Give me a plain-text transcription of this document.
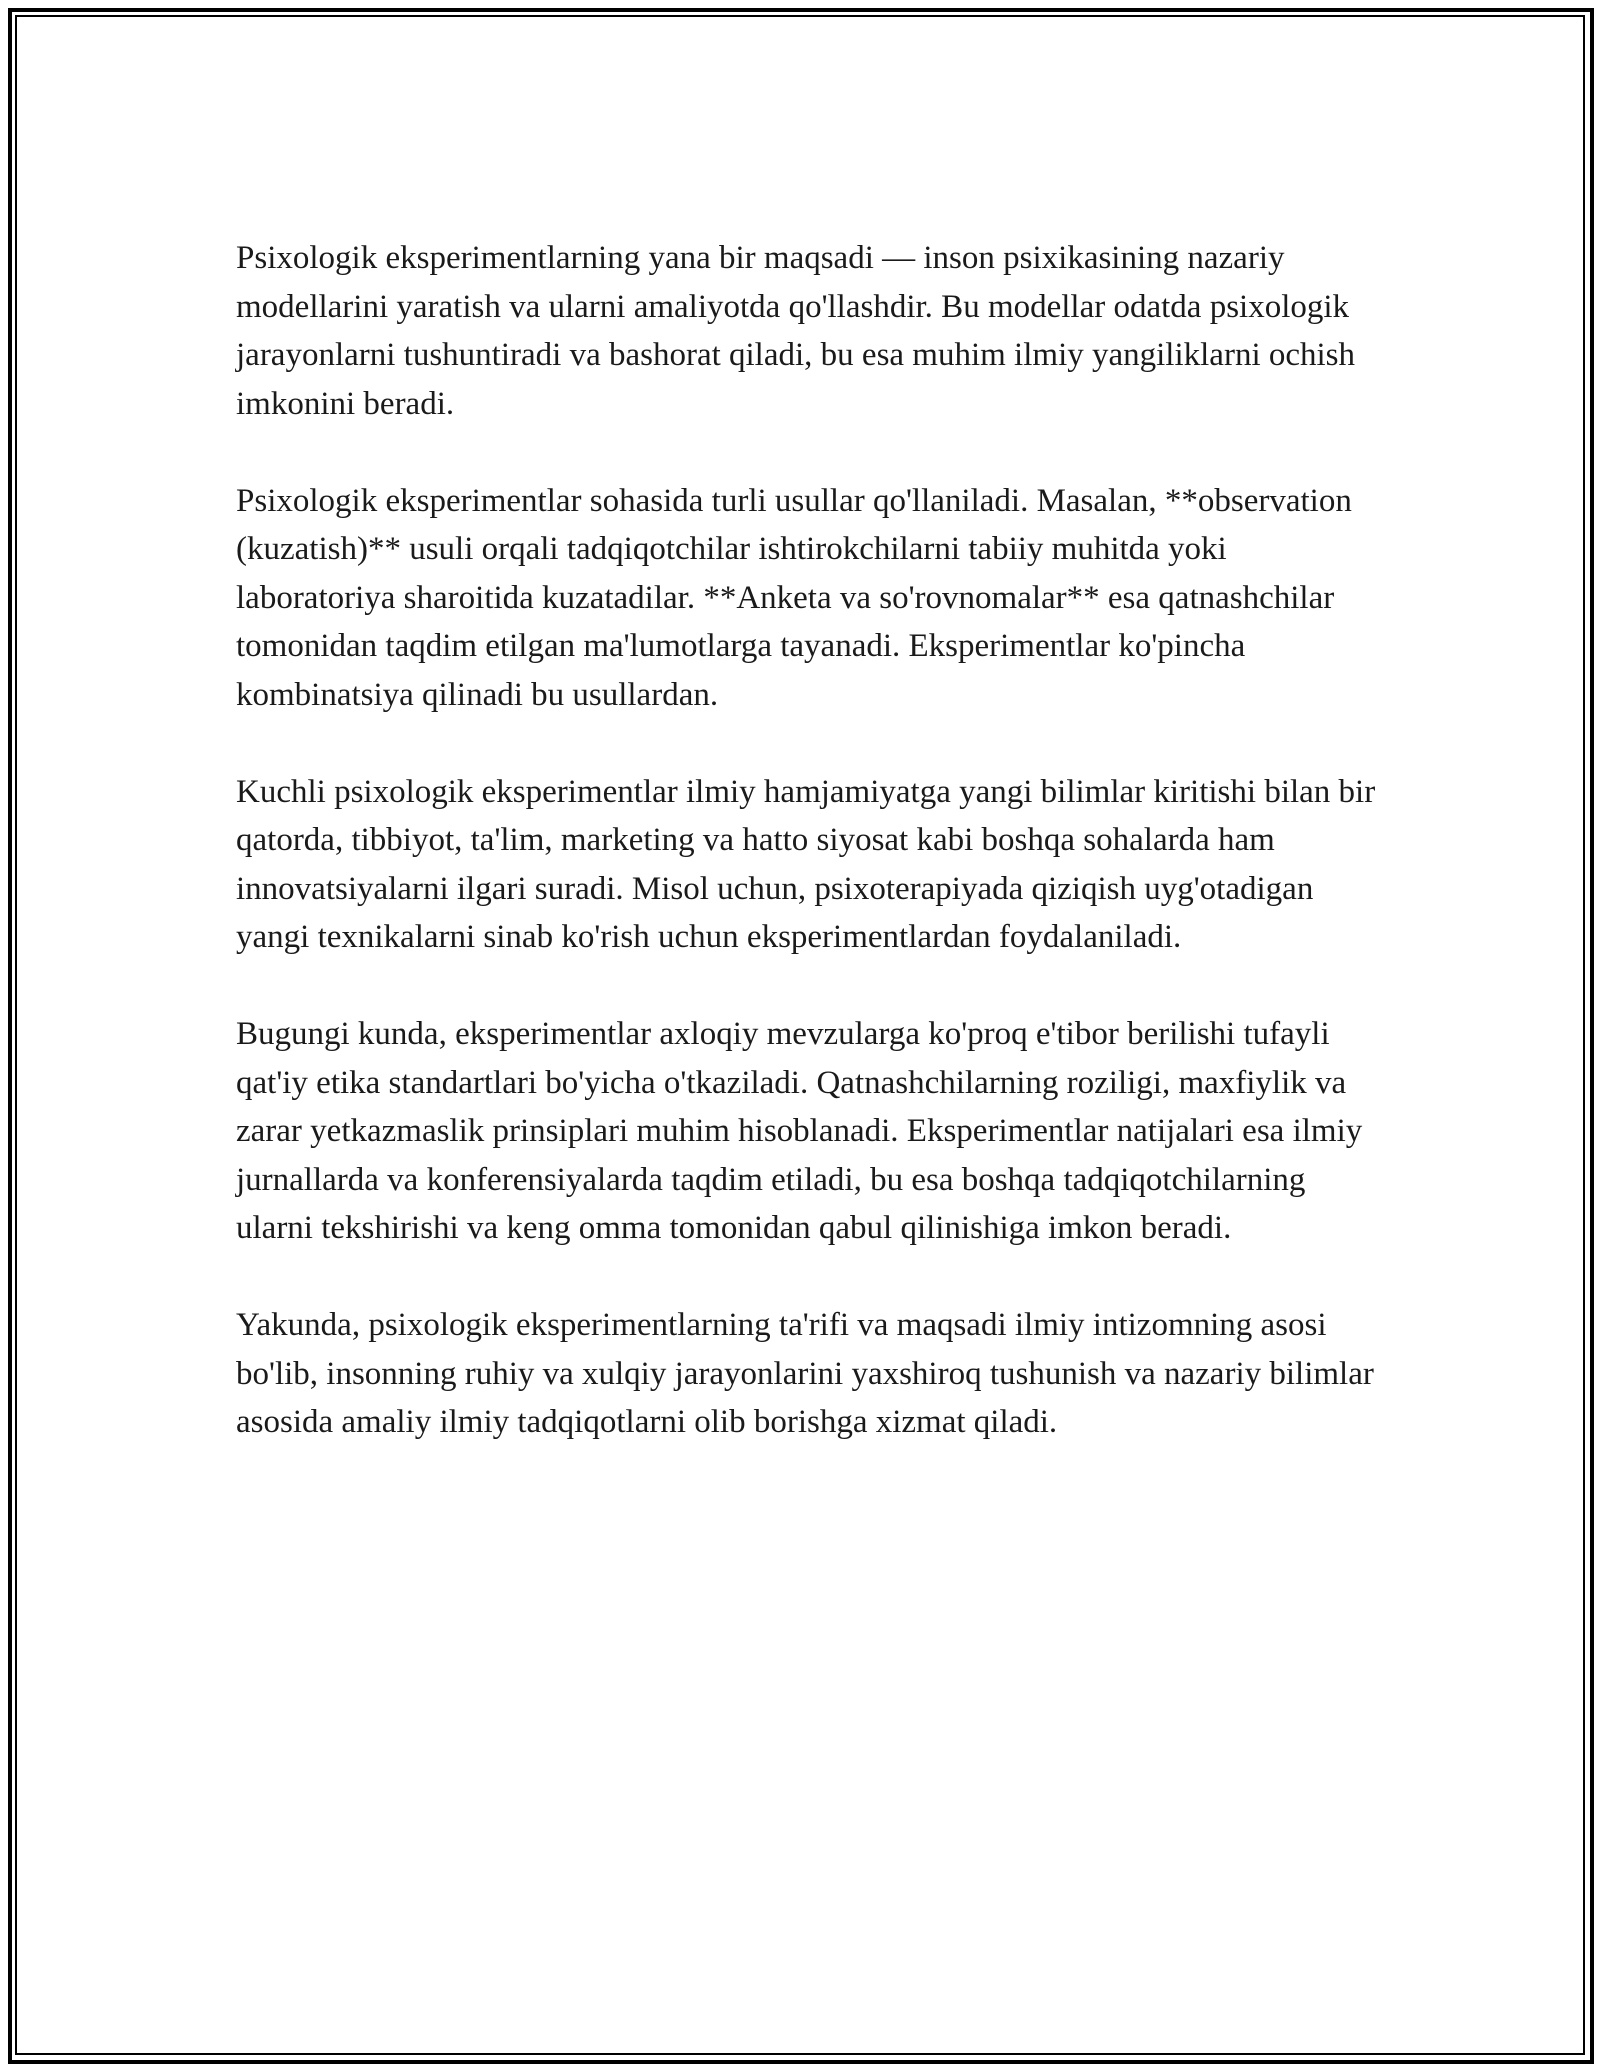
Psixologik eksperimentlarning yana bir maqsadi — inson psixikasining nazariy modellarini yaratish va ularni amaliyotda qo'llashdir. Bu modellar odatda psixologik jarayonlarni tushuntiradi va bashorat qiladi, bu esa muhim ilmiy yangiliklarni ochish imkonini beradi.

Psixologik eksperimentlar sohasida turli usullar qo'llaniladi. Masalan, **observation (kuzatish)** usuli orqali tadqiqotchilar ishtirokchilarni tabiiy muhitda yoki laboratoriya sharoitida kuzatadilar. **Anketa va so'rovnomalar** esa qatnashchilar tomonidan taqdim etilgan ma'lumotlarga tayanadi. Eksperimentlar ko'pincha kombinatsiya qilinadi bu usullardan.

Kuchli psixologik eksperimentlar ilmiy hamjamiyatga yangi bilimlar kiritishi bilan bir qatorda, tibbiyot, ta'lim, marketing va hatto siyosat kabi boshqa sohalarda ham innovatsiyalarni ilgari suradi. Misol uchun, psixoterapiyada qiziqish uyg'otadigan yangi texnikalarni sinab ko'rish uchun eksperimentlardan foydalaniladi.

Bugungi kunda, eksperimentlar axloqiy mevzularga ko'proq e'tibor berilishi tufayli qat'iy etika standartlari bo'yicha o'tkaziladi. Qatnashchilarning roziligi, maxfiylik va zarar yetkazmaslik prinsiplari muhim hisoblanadi. Eksperimentlar natijalari esa ilmiy jurnallarda va konferensiyalarda taqdim etiladi, bu esa boshqa tadqiqotchilarning ularni tekshirishi va keng omma tomonidan qabul qilinishiga imkon beradi.

Yakunda, psixologik eksperimentlarning ta'rifi va maqsadi ilmiy intizomning asosi bo'lib, insonning ruhiy va xulqiy jarayonlarini yaxshiroq tushunish va nazariy bilimlar asosida amaliy ilmiy tadqiqotlarni olib borishga xizmat qiladi.
